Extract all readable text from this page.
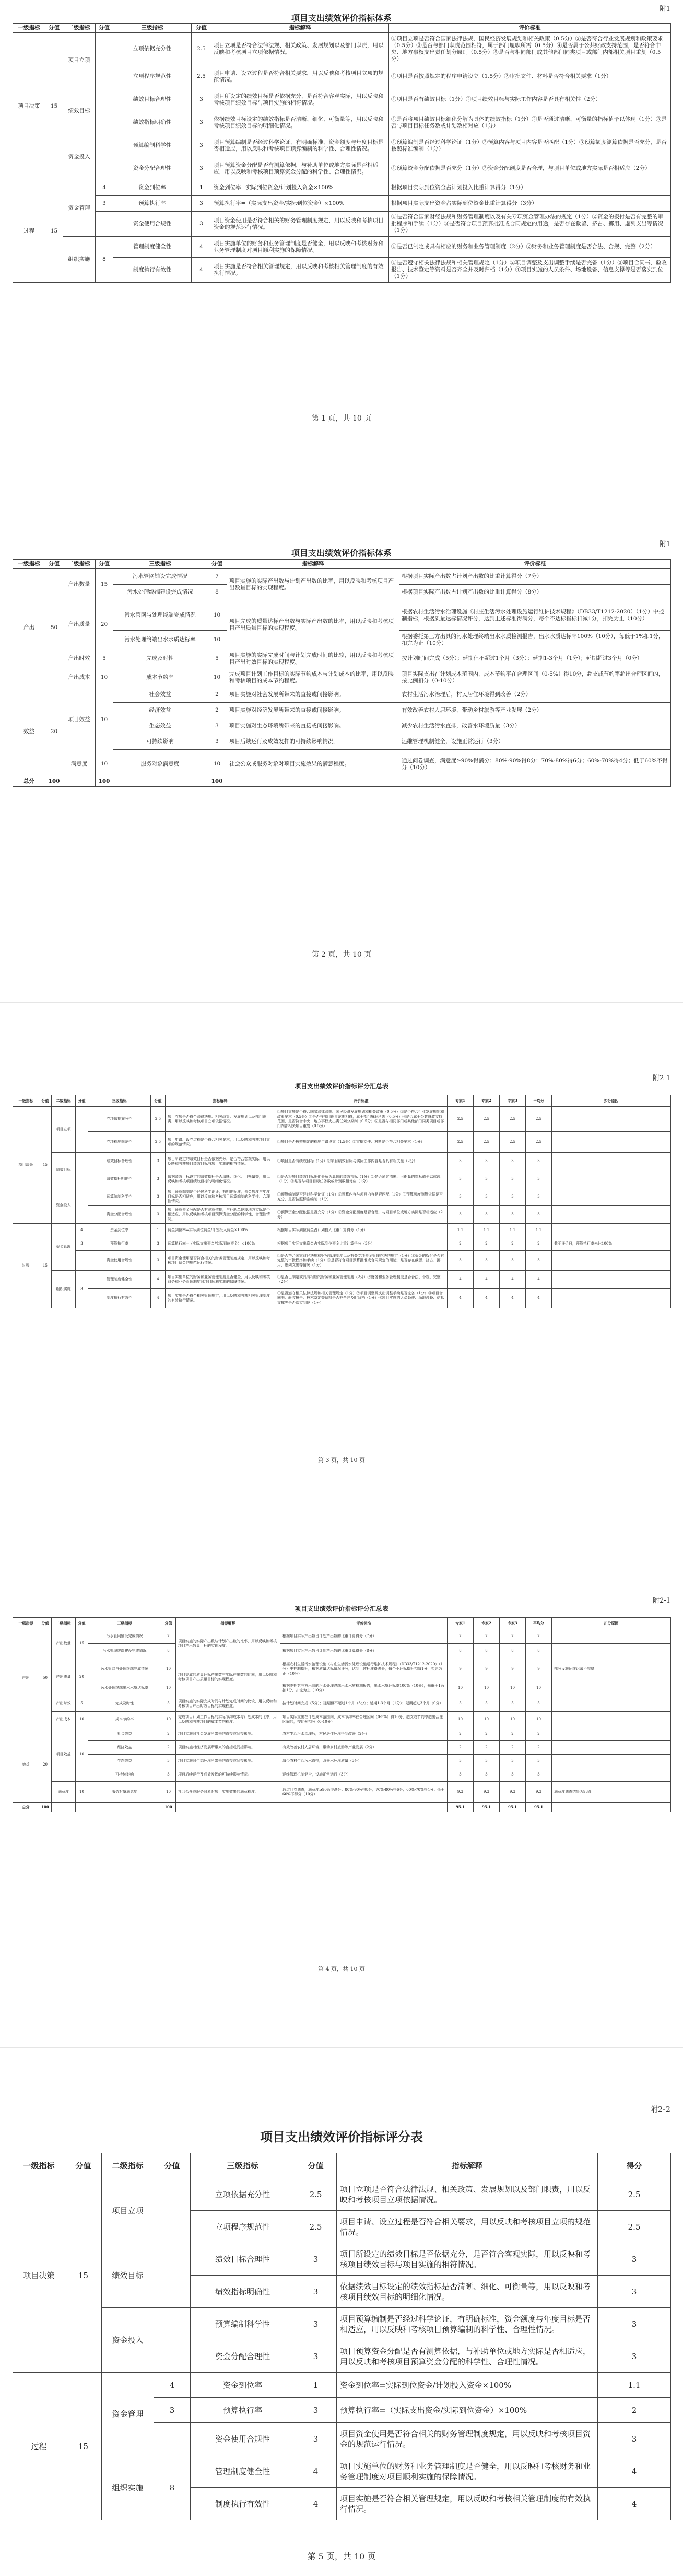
附1
项目支出绩效评价指标体系
一级指标	分值	二级指标	分值	三级指标	分值	指标解释	评价标准
项目决策	15	项目立项		立项依据充分性	2.5	项目立项是否符合法律法规、相关政策、发展规划以及部门职责，用以反映和考核项目立项依据情况。	①项目立项是否符合国家法律法规、国民经济发展规划和相关政策（0.5分）②是否符合行业发展规划和政策要求（0.5分）③是否与部门职责范围相符，属于部门履职所需（0.5分）④是否属于公共财政支持范围，是否符合中央、地方事权支出责任划分原则（0.5分）⑤是否与相同部门或其他部门同类项目或部门内部相关项目重复（0.5分）
				立项程序规范性	2.5	项目申请、设立过程是否符合相关要求，用以反映和考核项目立项的规范情况。	①项目是否按照规定的程序申请设立（1.5分）②审批文件、材料是否符合相关要求（1分）
		绩效目标		绩效目标合理性	3	项目所设定的绩效目标是否依据充分，是否符合客观实际，用以反映和考核项目绩效目标与项目实施的相符情况。	①项目是否有绩效目标（1分）②项目绩效目标与实际工作内容是否具有相关性（2分）
				绩效指标明确性	3	依据绩效目标设定的绩效指标是否清晰、细化、可衡量等，用以反映和考核项目绩效目标的明细化情况。	①是否将项目绩效目标细化分解为具体的绩效指标（1分）②是否通过清晰、可衡量的指标值予以体现（1分）③是否与项目目标任务数或计划数相对应（1分）
		资金投入		预算编制科学性	3	项目预算编制是否经过科学论证，有明确标准，资金额度与年度目标是否相适应，用以反映和考核项目预算编制的科学性、合理性情况。	①预算编制是否经过科学论证（1分）②预算内容与项目内容是否匹配（1分）③预算额度测算依据是否充分，是否按照标准编制（1分）
				资金分配合理性	3	项目预算资金分配是否有测算依据，与补助单位或地方实际是否相适应，用以反映和考核项目预算资金分配的科学性、合理性情况。	①预算资金分配依据是否充分（1分）②资金分配额度是否合理，与项目单位或地方实际是否相适应（2分）
过程	15	资金管理	4	资金到位率	1	资金到位率=实际到位资金/计划投入资金×100%	根据项目实际到位资金占计划投入比重计算得分（1分）
			3	预算执行率	3	预算执行率=（实际支出资金/实际到位资金）×100%	根据项目实际支出资金占实际到位资金比重计算得分（3分）
				资金使用合规性	3	项目资金使用是否符合相关的财务管理制度规定，用以反映和考核项目资金的规范运行情况。	①是否符合国家财经法规和财务管理制度以及有关专项资金管理办法的规定（1分）②资金的拨付是否有完整的审批程序和手续（1分）③是否符合项目预算批准或合同规定的用途，是否存在截留、挤占、挪用、虚列支出等情况（1分）
		组织实施	8	管理制度健全性	4	项目实施单位的财务和业务管理制度是否健全，用以反映和考核财务和业务管理制度对项目顺利实施的保障情况。	①是否已制定或具有相应的财务和业务管理制度（2分）②财务和业务管理制度是否合法、合规、完整（2分）
				制度执行有效性	4	项目实施是否符合相关管理规定，用以反映和考核相关管理制度的有效执行情况。	①是否遵守相关法律法规和相关管理规定（1分）②项目调整及支出调整手续是否完备（1分）③项目合同书、验收报告、技术鉴定等资料是否齐全并及时归档（1分）④项目实施的人员条件、场地设备、信息支撑等是否落实到位（1分）
第 1 页，共 10 页
附1
项目支出绩效评价指标体系
一级指标	分值	二级指标	分值	三级指标	分值	指标解释	评价标准
产出	50	产出数量	15	污水管网铺设完成情况	7	项目实施的实际产出数与计划产出数的比率，用以反映和考核项目产出数量目标的实现程度。	根据项目实际产出数占计划产出数的比重计算得分（7分）
				污水处理终端建设完成情况	8		根据项目实际产出数占计划产出数的比重计算得分（8分）
		产出质量	20	污水管网与处理终端完成情况	10	项目完成的质量达标产出数与实际产出数的比率，用以反映和考核项目产出质量目标的实现程度。	根据农村生活污水治理设施《村庄生活污水处理设施运行维护技术规程》（DB33/T1212-2020）（1分）中控制指标，根据质量达标情况评分，达到上述标准得满分，每个不达标指标扣减1分，扣完为止（10分）
				污水处理终端出水水质达标率	10		根据委托第三方出具的污水处理终端出水水质检测报告，出水水质达标率100%（10分），每低于1%扣1分，扣完为止（10分）
		产出时效	5	完成及时性	5	项目实施的实际完成时间与计划完成时间的比较，用以反映和考核项目产出时效目标的实现程度。	按计划时间完成（5分）；延期但不超过1个月（3分）；延期1-3个月（1分）；延期超过3个月（0分）
		产出成本	10	成本节约率	10	完成项目计划工作目标的实际节约成本与计划成本的比率，用以反映和考核项目的成本节约程度。	项目实际支出在计划成本范围内，成本节约率在合理区间（0-5%）得10分，超支或节约率超出合理区间的，按比例扣分（0-10分）
效益	20	项目效益	10	社会效益	2	项目实施对社会发展所带来的直接或间接影响。	农村生活污水治理后，村民居住环境得到改善（2分）
				经济效益	2	项目实施对经济发展所带来的直接或间接影响。	有效改善农村人居环境，带动乡村旅游等产业发展（2分）
				生态效益	3	项目实施对生态环境所带来的直接或间接影响。	减少农村生活污水直排，改善水环境质量（3分）
				可持续影响	3	项目后续运行及成效发挥的可持续影响情况。	运维管理机制健全，设施正常运行（3分）

		满意度	10	服务对象满意度	10	社会公众或服务对象对项目实施效果的满意程度。	通过问卷调查，满意度≥90%得满分；80%-90%得8分；70%-80%得6分；60%-70%得4分；低于60%不得分（10分）
总分	100		100		100		
第 2 页，共 10 页
附2-1
项目支出绩效评价指标评分汇总表
一级指标	分值	二级指标	分值	三级指标	分值	指标解释	评价标准	专家1	专家2	专家3	平均分	扣分原因
项目决策	15	项目立项		立项依据充分性	2.5	项目立项是否符合法律法规、相关政策、发展规划以及部门职责，用以反映和考核项目立项依据情况。	①项目立项是否符合国家法律法规、国民经济发展规划和相关政策（0.5分）②是否符合行业发展规划和政策要求（0.5分）③是否与部门职责范围相符，属于部门履职所需（0.5分）④是否属于公共财政支持范围，是否符合中央、地方事权支出责任划分原则（0.5分）⑤是否与相同部门或其他部门同类项目或部门内部相关项目重复（0.5分）	2.5	2.5	2.5	2.5	
				立项程序规范性	2.5	项目申请、设立过程是否符合相关要求，用以反映和考核项目立项的规范情况。	①项目是否按照规定的程序申请设立（1.5分）②审批文件、材料是否符合相关要求（1分）	2.5	2.5	2.5	2.5	
		绩效目标		绩效目标合理性	3	项目所设定的绩效目标是否依据充分，是否符合客观实际，用以反映和考核项目绩效目标与项目实施的相符情况。	①项目是否有绩效目标（1分）②项目绩效目标与实际工作内容是否具有相关性（2分）	3	3	3	3	
				绩效指标明确性	3	依据绩效目标设定的绩效指标是否清晰、细化、可衡量等，用以反映和考核项目绩效目标的明细化情况。	①是否将项目绩效目标细化分解为具体的绩效指标（1分）②是否通过清晰、可衡量的指标值予以体现（1分）③是否与项目目标任务数或计划数相对应（1分）	3	3	3	3	
		资金投入		预算编制科学性	3	项目预算编制是否经过科学论证，有明确标准，资金额度与年度目标是否相适应，用以反映和考核项目预算编制的科学性、合理性情况。	①预算编制是否经过科学论证（1分）②预算内容与项目内容是否匹配（1分）③预算额度测算依据是否充分，是否按照标准编制（1分）	3	3	3	3	
				资金分配合理性	3	项目预算资金分配是否有测算依据，与补助单位或地方实际是否相适应，用以反映和考核项目预算资金分配的科学性、合理性情况。	①预算资金分配依据是否充分（1分）②资金分配额度是否合理，与项目单位或地方实际是否相适应（2分）	3	3	3	3	
过程	15	资金管理	4	资金到位率	1	资金到位率=实际到位资金/计划投入资金×100%	根据项目实际到位资金占计划投入比重计算得分（1分）	1.1	1.1	1.1	1.1	
			3	预算执行率	3	预算执行率=（实际支出资金/实际到位资金）×100%	根据项目实际支出资金占实际到位资金比重计算得分（3分）	2	2	2	2	截至评价日，预算执行率未达100%
				资金使用合规性	3	项目资金使用是否符合相关的财务管理制度规定，用以反映和考核项目资金的规范运行情况。	①是否符合国家财经法规和财务管理制度以及有关专项资金管理办法的规定（1分）②资金的拨付是否有完整的审批程序和手续（1分）③是否符合项目预算批准或合同规定的用途，是否存在截留、挤占、挪用、虚列支出等情况（1分）	3	3	3	3	
		组织实施	8	管理制度健全性	4	项目实施单位的财务和业务管理制度是否健全，用以反映和考核财务和业务管理制度对项目顺利实施的保障情况。	①是否已制定或具有相应的财务和业务管理制度（2分）②财务和业务管理制度是否合法、合规、完整（2分）	4	4	4	4	
				制度执行有效性	4	项目实施是否符合相关管理规定，用以反映和考核相关管理制度的有效执行情况。	①是否遵守相关法律法规和相关管理规定（1分）②项目调整及支出调整手续是否完备（1分）③项目合同书、验收报告、技术鉴定等资料是否齐全并及时归档（1分）④项目实施的人员条件、场地设备、信息支撑等是否落实到位（1分）	4	4	4	4	
第 3 页，共 10 页
附2-1
项目支出绩效评价指标评分汇总表
一级指标	分值	二级指标	分值	三级指标	分值	指标解释	评价标准	专家1	专家2	专家3	平均分	扣分原因
产出	50	产出数量	15	污水管网铺设完成情况	7	项目实施的实际产出数与计划产出数的比率，用以反映和考核项目产出数量目标的实现程度。	根据项目实际产出数占计划产出数的比重计算得分（7分）	7	7	7	7	
				污水处理终端建设完成情况	8		根据项目实际产出数占计划产出数的比重计算得分（8分）	8	8	8	8	
		产出质量	20	污水管网与处理终端完成情况	10	项目完成的质量达标产出数与实际产出数的比率，用以反映和考核项目产出质量目标的实现程度。	根据农村生活污水治理设施《村庄生活污水处理设施运行维护技术规程》（DB33/T1212-2020）（1分）中控制指标，根据质量达标情况评分，达到上述标准得满分，每个不达标指标扣减1分，扣完为止（10分）	9	9	9	9	部分设施运维记录不完整
				污水处理终端出水水质达标率	10		根据委托第三方出具的污水处理终端出水水质检测报告，出水水质达标率100%（10分），每低于1%扣1分，扣完为止（10分）	10	10	10	10	
		产出时效	5	完成及时性	5	项目实施的实际完成时间与计划完成时间的比较，用以反映和考核项目产出时效目标的实现程度。	按计划时间完成（5分）；延期但不超过1个月（3分）；延期1-3个月（1分）；延期超过3个月（0分）	5	5	5	5	
		产出成本	10	成本节约率	10	完成项目计划工作目标的实际节约成本与计划成本的比率，用以反映和考核项目的成本节约程度。	项目实际支出在计划成本范围内，成本节约率在合理区间（0-5%）得10分，超支或节约率超出合理区间的，按比例扣分（0-10分）	10	10	10	10	
效益	20	项目效益	10	社会效益	2	项目实施对社会发展所带来的直接或间接影响。	农村生活污水治理后，村民居住环境得到改善（2分）	2	2	2	2	
				经济效益	2	项目实施对经济发展所带来的直接或间接影响。	有效改善农村人居环境，带动乡村旅游等产业发展（2分）	2	2	2	2	
				生态效益	3	项目实施对生态环境所带来的直接或间接影响。	减少农村生活污水直排，改善水环境质量（3分）	3	3	3	3	
				可持续影响	3	项目后续运行及成效发挥的可持续影响情况。	运维管理机制健全，设施正常运行（3分）	3	3	3	3	
		满意度	10	服务对象满意度	10	社会公众或服务对象对项目实施效果的满意程度。	通过问卷调查，满意度≥90%得满分；80%-90%得8分；70%-80%得6分；60%-70%得4分；低于60%不得分（10分）	9.3	9.3	9.3	9.3	满意度调查结果为93%
总分	100				100			95.1	95.1	95.1	95.1	
第 4 页，共 10 页
附2-2
项目支出绩效评价指标评分表
一级指标	分值	二级指标	分值	三级指标	分值	指标解释	得分
项目决策	15	项目立项		立项依据充分性	2.5	项目立项是否符合法律法规、相关政策、发展规划以及部门职责，用以反映和考核项目立项依据情况。	2.5
				立项程序规范性	2.5	项目申请、设立过程是否符合相关要求，用以反映和考核项目立项的规范情况。	2.5
		绩效目标		绩效目标合理性	3	项目所设定的绩效目标是否依据充分，是否符合客观实际，用以反映和考核项目绩效目标与项目实施的相符情况。	3
				绩效指标明确性	3	依据绩效目标设定的绩效指标是否清晰、细化、可衡量等，用以反映和考核项目绩效目标的明细化情况。	3
		资金投入		预算编制科学性	3	项目预算编制是否经过科学论证，有明确标准，资金额度与年度目标是否相适应，用以反映和考核项目预算编制的科学性、合理性情况。	3
				资金分配合理性	3	项目预算资金分配是否有测算依据，与补助单位或地方实际是否相适应，用以反映和考核项目预算资金分配的科学性、合理性情况。	3
过程	15	资金管理	4	资金到位率	1	资金到位率=实际到位资金/计划投入资金×100%	1.1
			3	预算执行率	3	预算执行率=（实际支出资金/实际到位资金）×100%	2
				资金使用合规性	3	项目资金使用是否符合相关的财务管理制度规定，用以反映和考核项目资金的规范运行情况。	3
		组织实施	8	管理制度健全性	4	项目实施单位的财务和业务管理制度是否健全，用以反映和考核财务和业务管理制度对项目顺利实施的保障情况。	4
				制度执行有效性	4	项目实施是否符合相关管理规定，用以反映和考核相关管理制度的有效执行情况。	4
第 5 页，共 10 页
